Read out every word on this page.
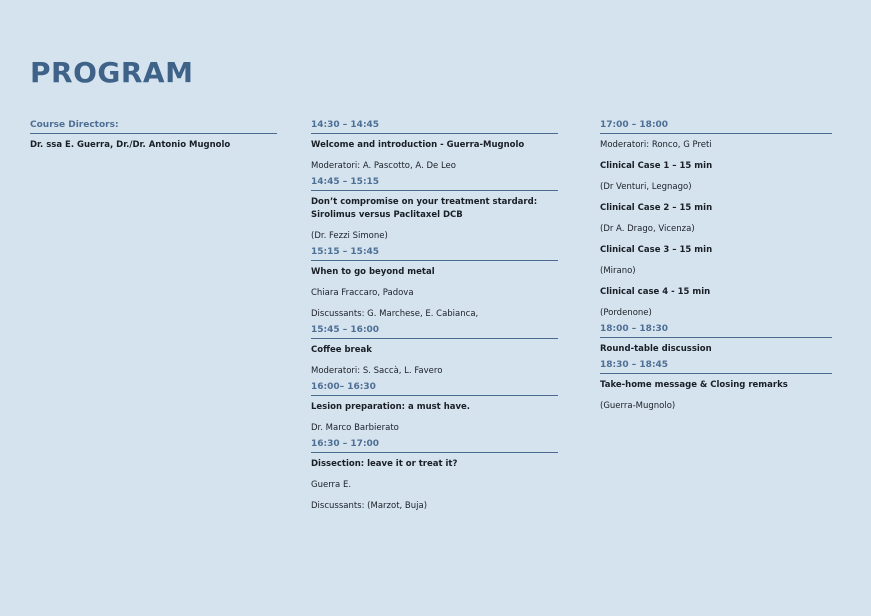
PROGRAM
Course Directors:
Dr. ssa E. Guerra, Dr./Dr. Antonio Mugnolo
14:30 – 14:45
Welcome and introduction - Guerra-Mugnolo
Moderatori: A. Pascotto, A. De Leo
14:45 – 15:15
Don’t compromise on your treatment stardard:
Sirolimus versus Paclitaxel DCB
(Dr. Fezzi Simone)
15:15 – 15:45
When to go beyond metal
Chiara Fraccaro, Padova
Discussants: G. Marchese, E. Cabianca,
15:45 – 16:00
Coffee break
Moderatori: S. Saccà, L. Favero
16:00– 16:30
Lesion preparation: a must have.
Dr. Marco Barbierato
16:30 – 17:00
Dissection: leave it or treat it?
Guerra E.
Discussants: (Marzot, Buja)
17:00 – 18:00
Moderatori: Ronco, G Preti
Clinical Case 1 – 15 min
(Dr Venturi, Legnago)
Clinical Case 2 – 15 min
(Dr A. Drago, Vicenza)
Clinical Case 3 – 15 min
(Mirano)
Clinical case 4 - 15 min
(Pordenone)
18:00 – 18:30
Round-table discussion
18:30 – 18:45
Take-home message & Closing remarks
(Guerra-Mugnolo)
